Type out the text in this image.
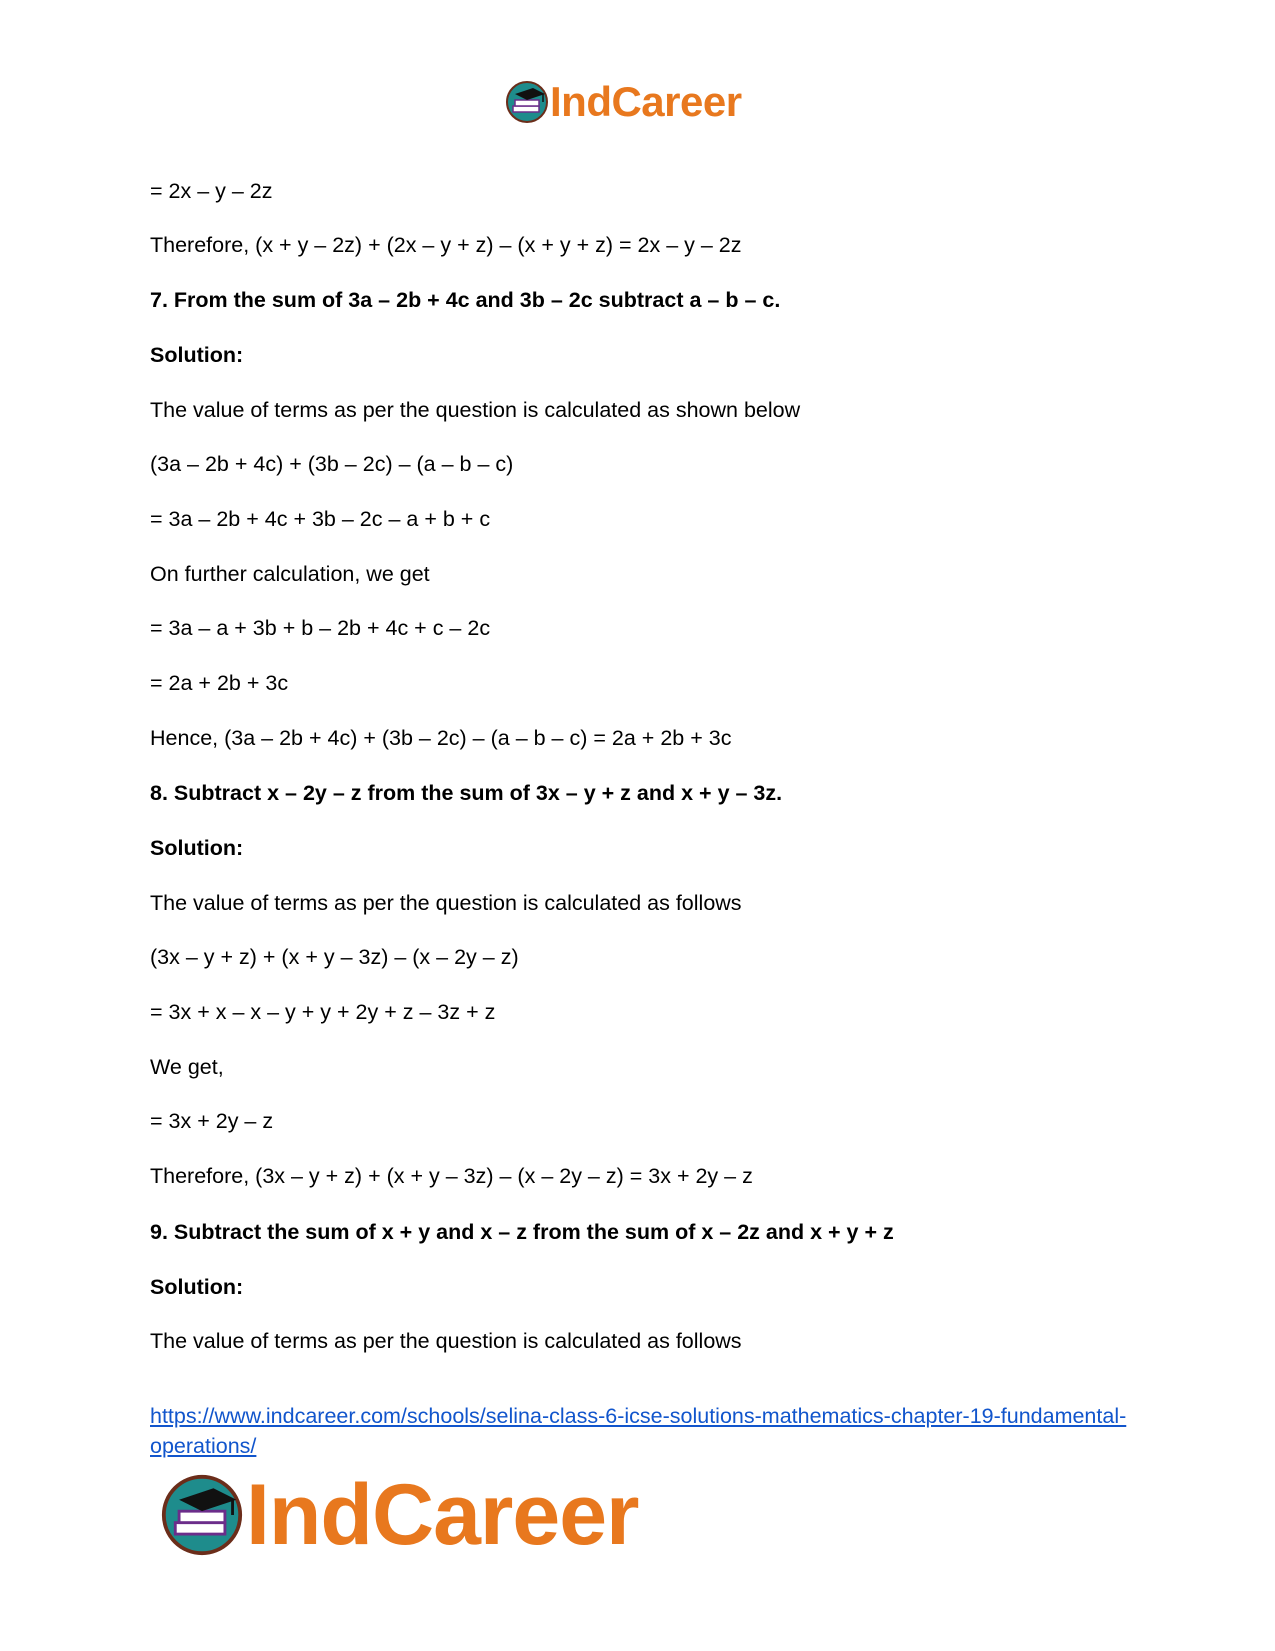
IndCareer
= 2x – y – 2z
Therefore, (x + y – 2z) + (2x – y + z) – (x + y + z) = 2x – y – 2z
7. From the sum of 3a – 2b + 4c and 3b – 2c subtract a – b – c.
Solution:
The value of terms as per the question is calculated as shown below
(3a – 2b + 4c) + (3b – 2c) – (a – b – c)
= 3a – 2b + 4c + 3b – 2c – a + b + c
On further calculation, we get
= 3a – a + 3b + b – 2b + 4c + c – 2c
= 2a + 2b + 3c
Hence, (3a – 2b + 4c) + (3b – 2c) – (a – b – c) = 2a + 2b + 3c
8. Subtract x – 2y – z from the sum of 3x – y + z and x + y – 3z.
Solution:
The value of terms as per the question is calculated as follows
(3x – y + z) + (x + y – 3z) – (x – 2y – z)
= 3x + x – x – y + y + 2y + z – 3z + z
We get,
= 3x + 2y – z
Therefore, (3x – y + z) + (x + y – 3z) – (x – 2y – z) = 3x + 2y – z
9. Subtract the sum of x + y and x – z from the sum of x – 2z and x + y + z
Solution:
The value of terms as per the question is calculated as follows
https://www.indcareer.com/schools/selina-class-6-icse-solutions-mathematics-chapter-19-fundamental-operations/
IndCareer
